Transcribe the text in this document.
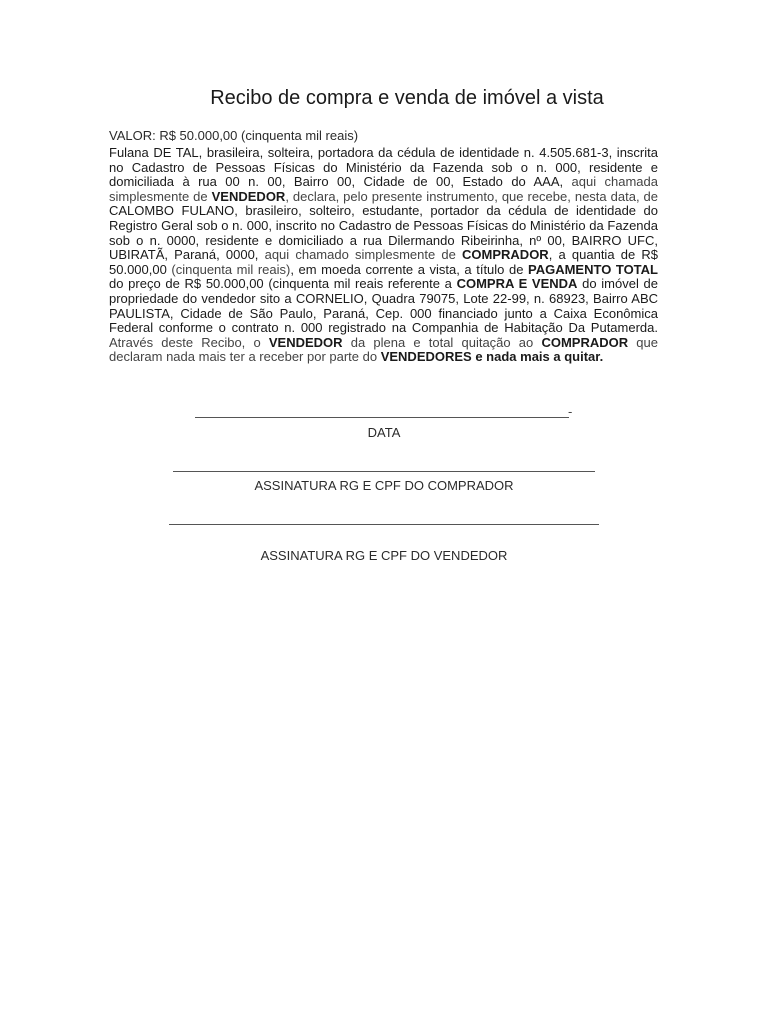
Recibo de compra e venda de imóvel a vista

VALOR: R$ 50.000,00 (cinquenta mil reais)

Fulana DE TAL, brasileira, solteira, portadora da cédula de identidade n. 4.505.681-3, inscrita no Cadastro de Pessoas Físicas do Ministério da Fazenda sob o n. 000, residente e domiciliada à rua 00 n. 00, Bairro 00, Cidade de 00, Estado do AAA, aqui chamada simplesmente de VENDEDOR, declara, pelo presente instrumento, que recebe, nesta data, de CALOMBO FULANO, brasileiro, solteiro, estudante, portador da cédula de identidade do Registro Geral sob o n. 000, inscrito no Cadastro de Pessoas Físicas do Ministério da Fazenda sob o n. 0000, residente e domiciliado a rua Dilermando Ribeirinha, nº 00, BAIRRO UFC, UBIRATÃ, Paraná, 0000, aqui chamado simplesmente de COMPRADOR, a quantia de R$ 50.000,00 (cinquenta mil reais), em moeda corrente a vista, a título de PAGAMENTO TOTAL do preço de R$ 50.000,00 (cinquenta mil reais referente a COMPRA E VENDA do imóvel de propriedade do vendedor sito a CORNELIO, Quadra 79075, Lote 22-99, n. 68923, Bairro ABC PAULISTA, Cidade de São Paulo, Paraná, Cep. 000 financiado junto a Caixa Econômica Federal conforme o contrato n. 000 registrado na Companhia de Habitação Da Putamerda. Através deste Recibo, o VENDEDOR da plena e total quitação ao COMPRADOR que declaram nada mais ter a receber por parte do VENDEDORES e nada mais a quitar.

-
DATA
ASSINATURA RG E CPF DO COMPRADOR
ASSINATURA RG E CPF DO VENDEDOR
